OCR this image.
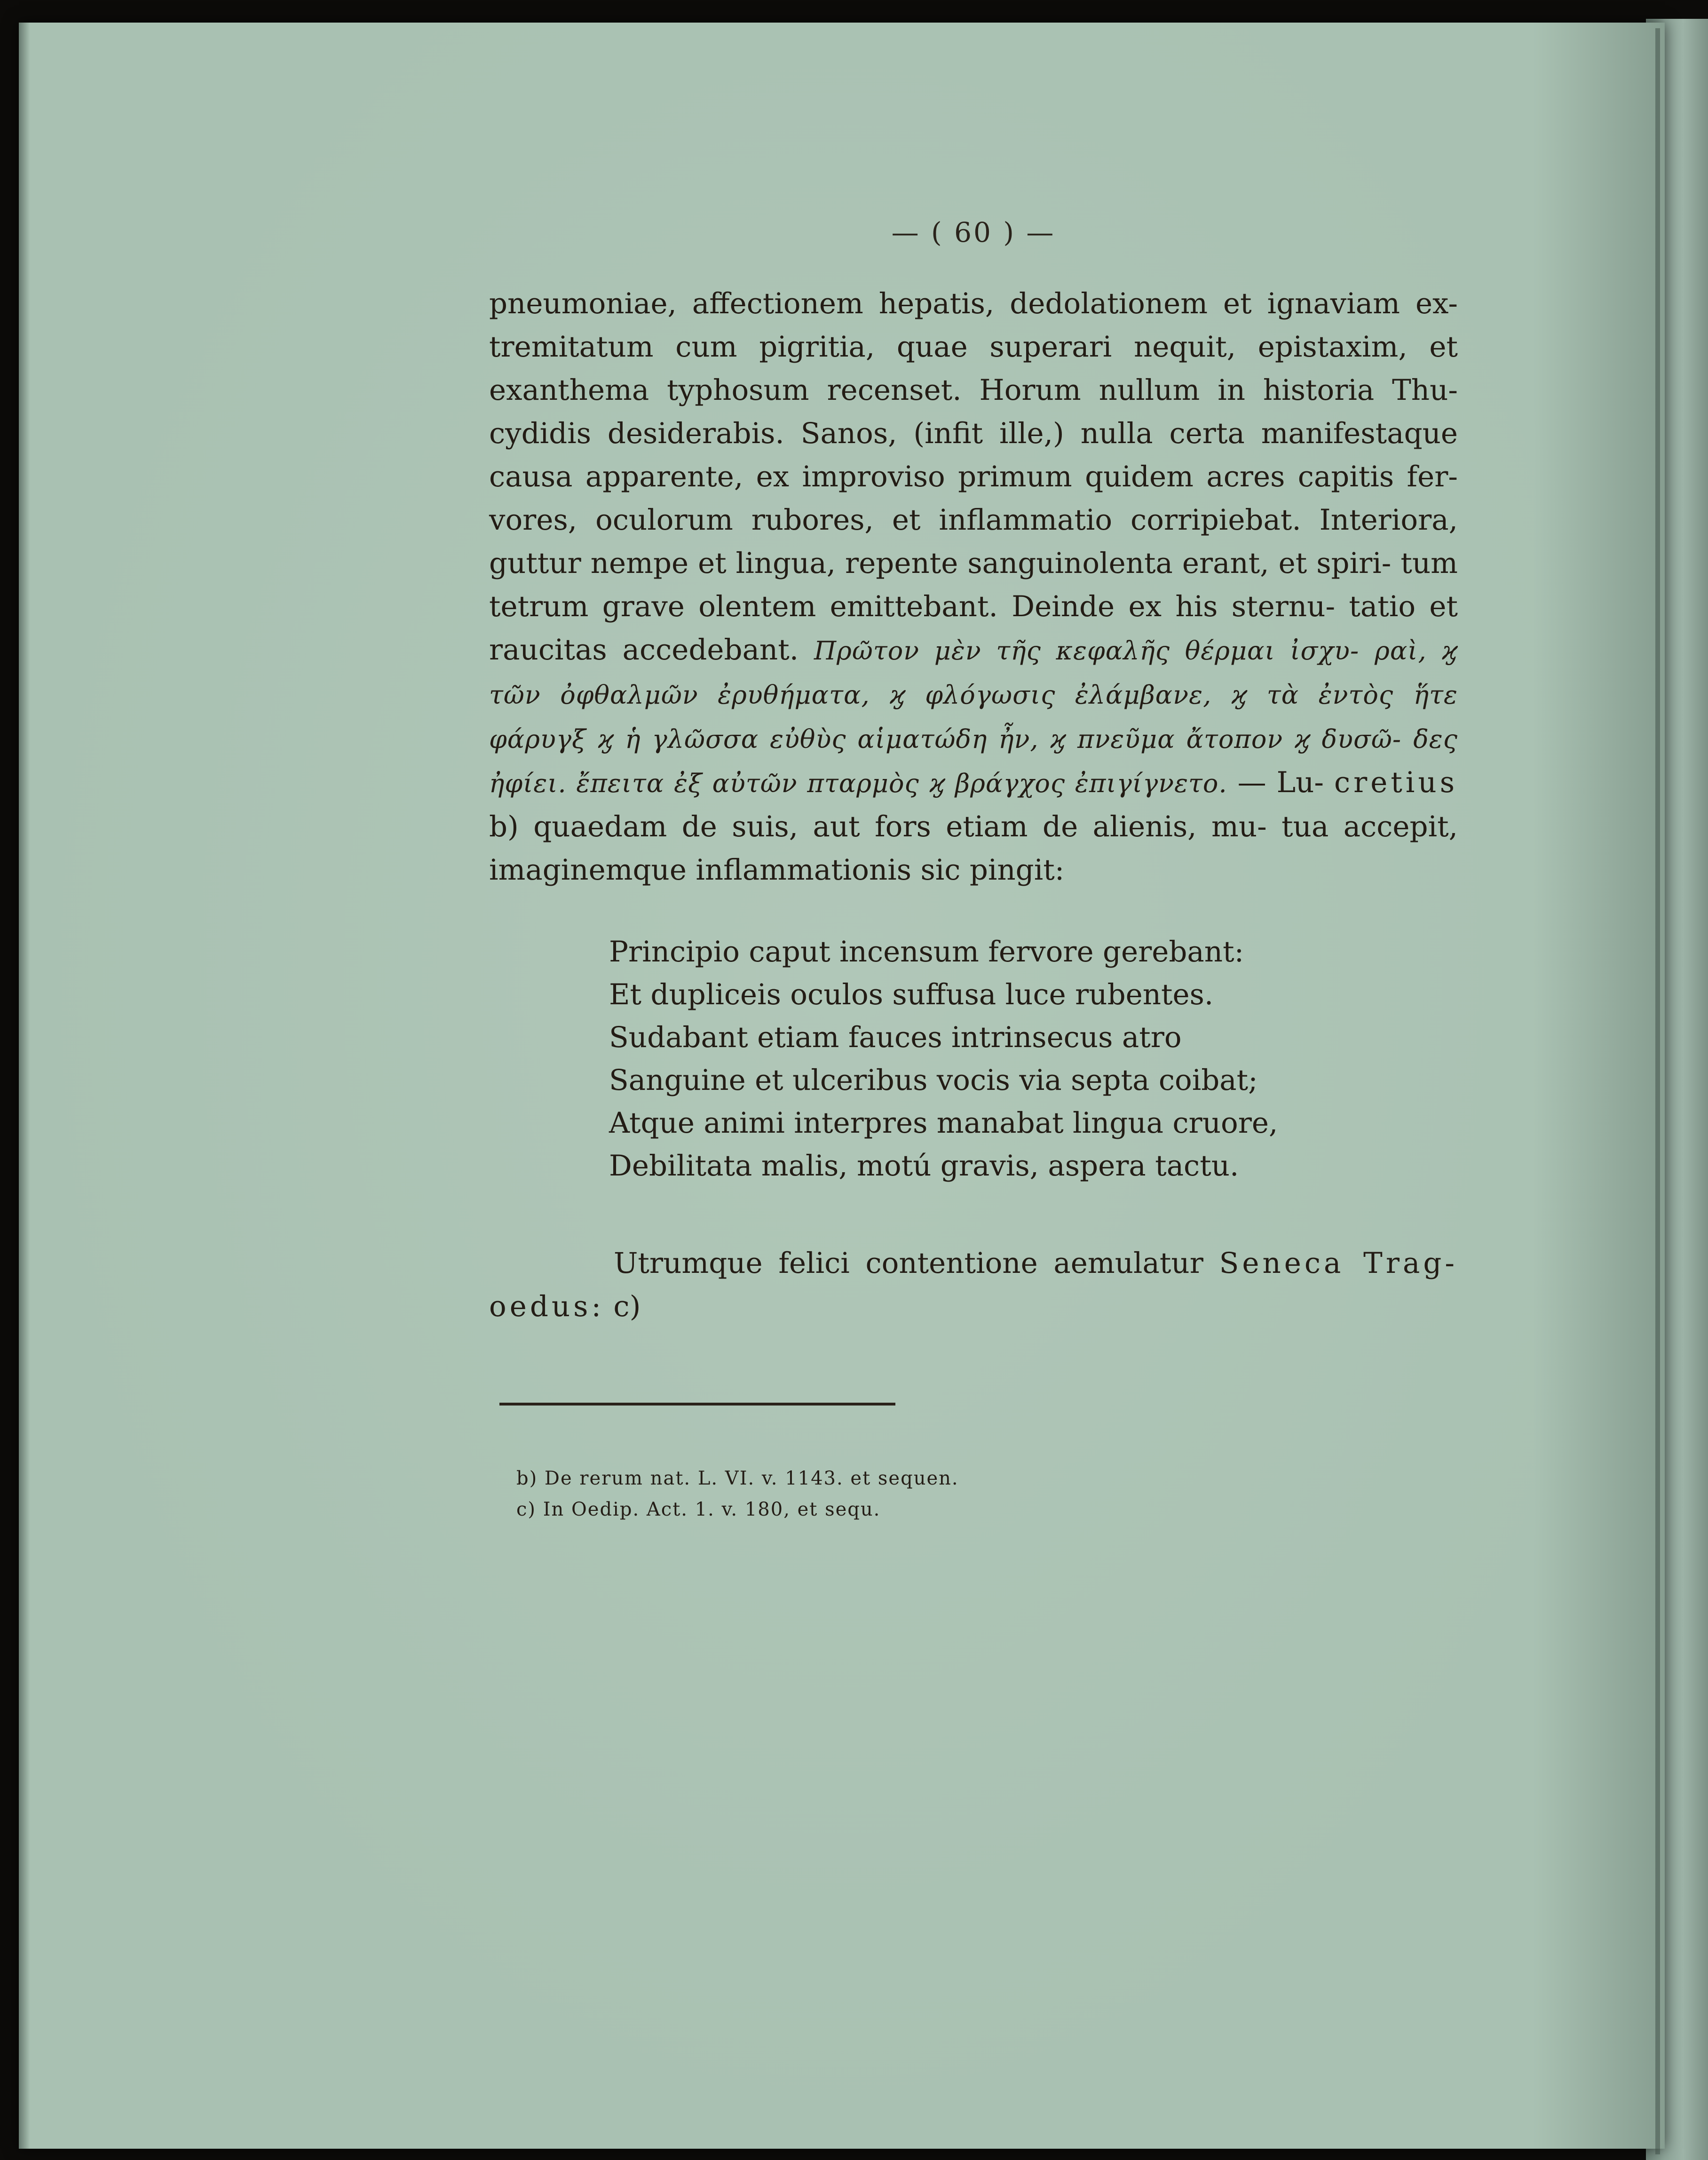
— ( 60 ) —

pneumoniae, affectionem hepatis, dedolationem et ignaviam ex- tremitatum cum pigritia, quae superari nequit, epistaxim, et exanthema typhosum recenset. Horum nullum in historia Thu- cydidis desiderabis. Sanos, (infit ille,) nulla certa manifestaque causa apparente, ex improviso primum quidem acres capitis fer- vores, oculorum rubores, et inflammatio corripiebat. Interiora, guttur nempe et lingua, repente sanguinolenta erant, et spiri- tum tetrum grave olentem emittebant. Deinde ex his sternu- tatio et raucitas accedebant. Πρῶτον μὲν τῆς κεφαλῆς θέρμαι ἰσχυ- ραὶ, ϗ τῶν ὀφθαλμῶν ἐρυθήματα, ϗ φλόγωσις ἐλάμβανε, ϗ τὰ ἐντὸς ἥτε φάρυγξ ϗ ἡ γλῶσσα εὐθὺς αἱματώδη ἦν, ϗ πνεῦμα ἄτοπον ϗ δυσῶ- δες ἠφίει. ἔπειτα ἐξ αὐτῶν πταρμὸς ϗ βράγχος ἐπιγίγνετο. — Lu- cretius b) quaedam de suis, aut fors etiam de alienis, mu- tua accepit, imaginemque inflammationis sic pingit:

Principio caput incensum fervore gerebant:
Et dupliceis oculos suffusa luce rubentes.
Sudabant etiam fauces intrinsecus atro
Sanguine et ulceribus vocis via septa coibat;
Atque animi interpres manabat lingua cruore,
Debilitata malis, motú gravis, aspera tactu.
Utrumque felici contentione aemulatur Seneca Trag-
oedus: c)
b) De rerum nat. L. VI. v. 1143. et sequen.
c) In Oedip. Act. 1. v. 180, et sequ.
